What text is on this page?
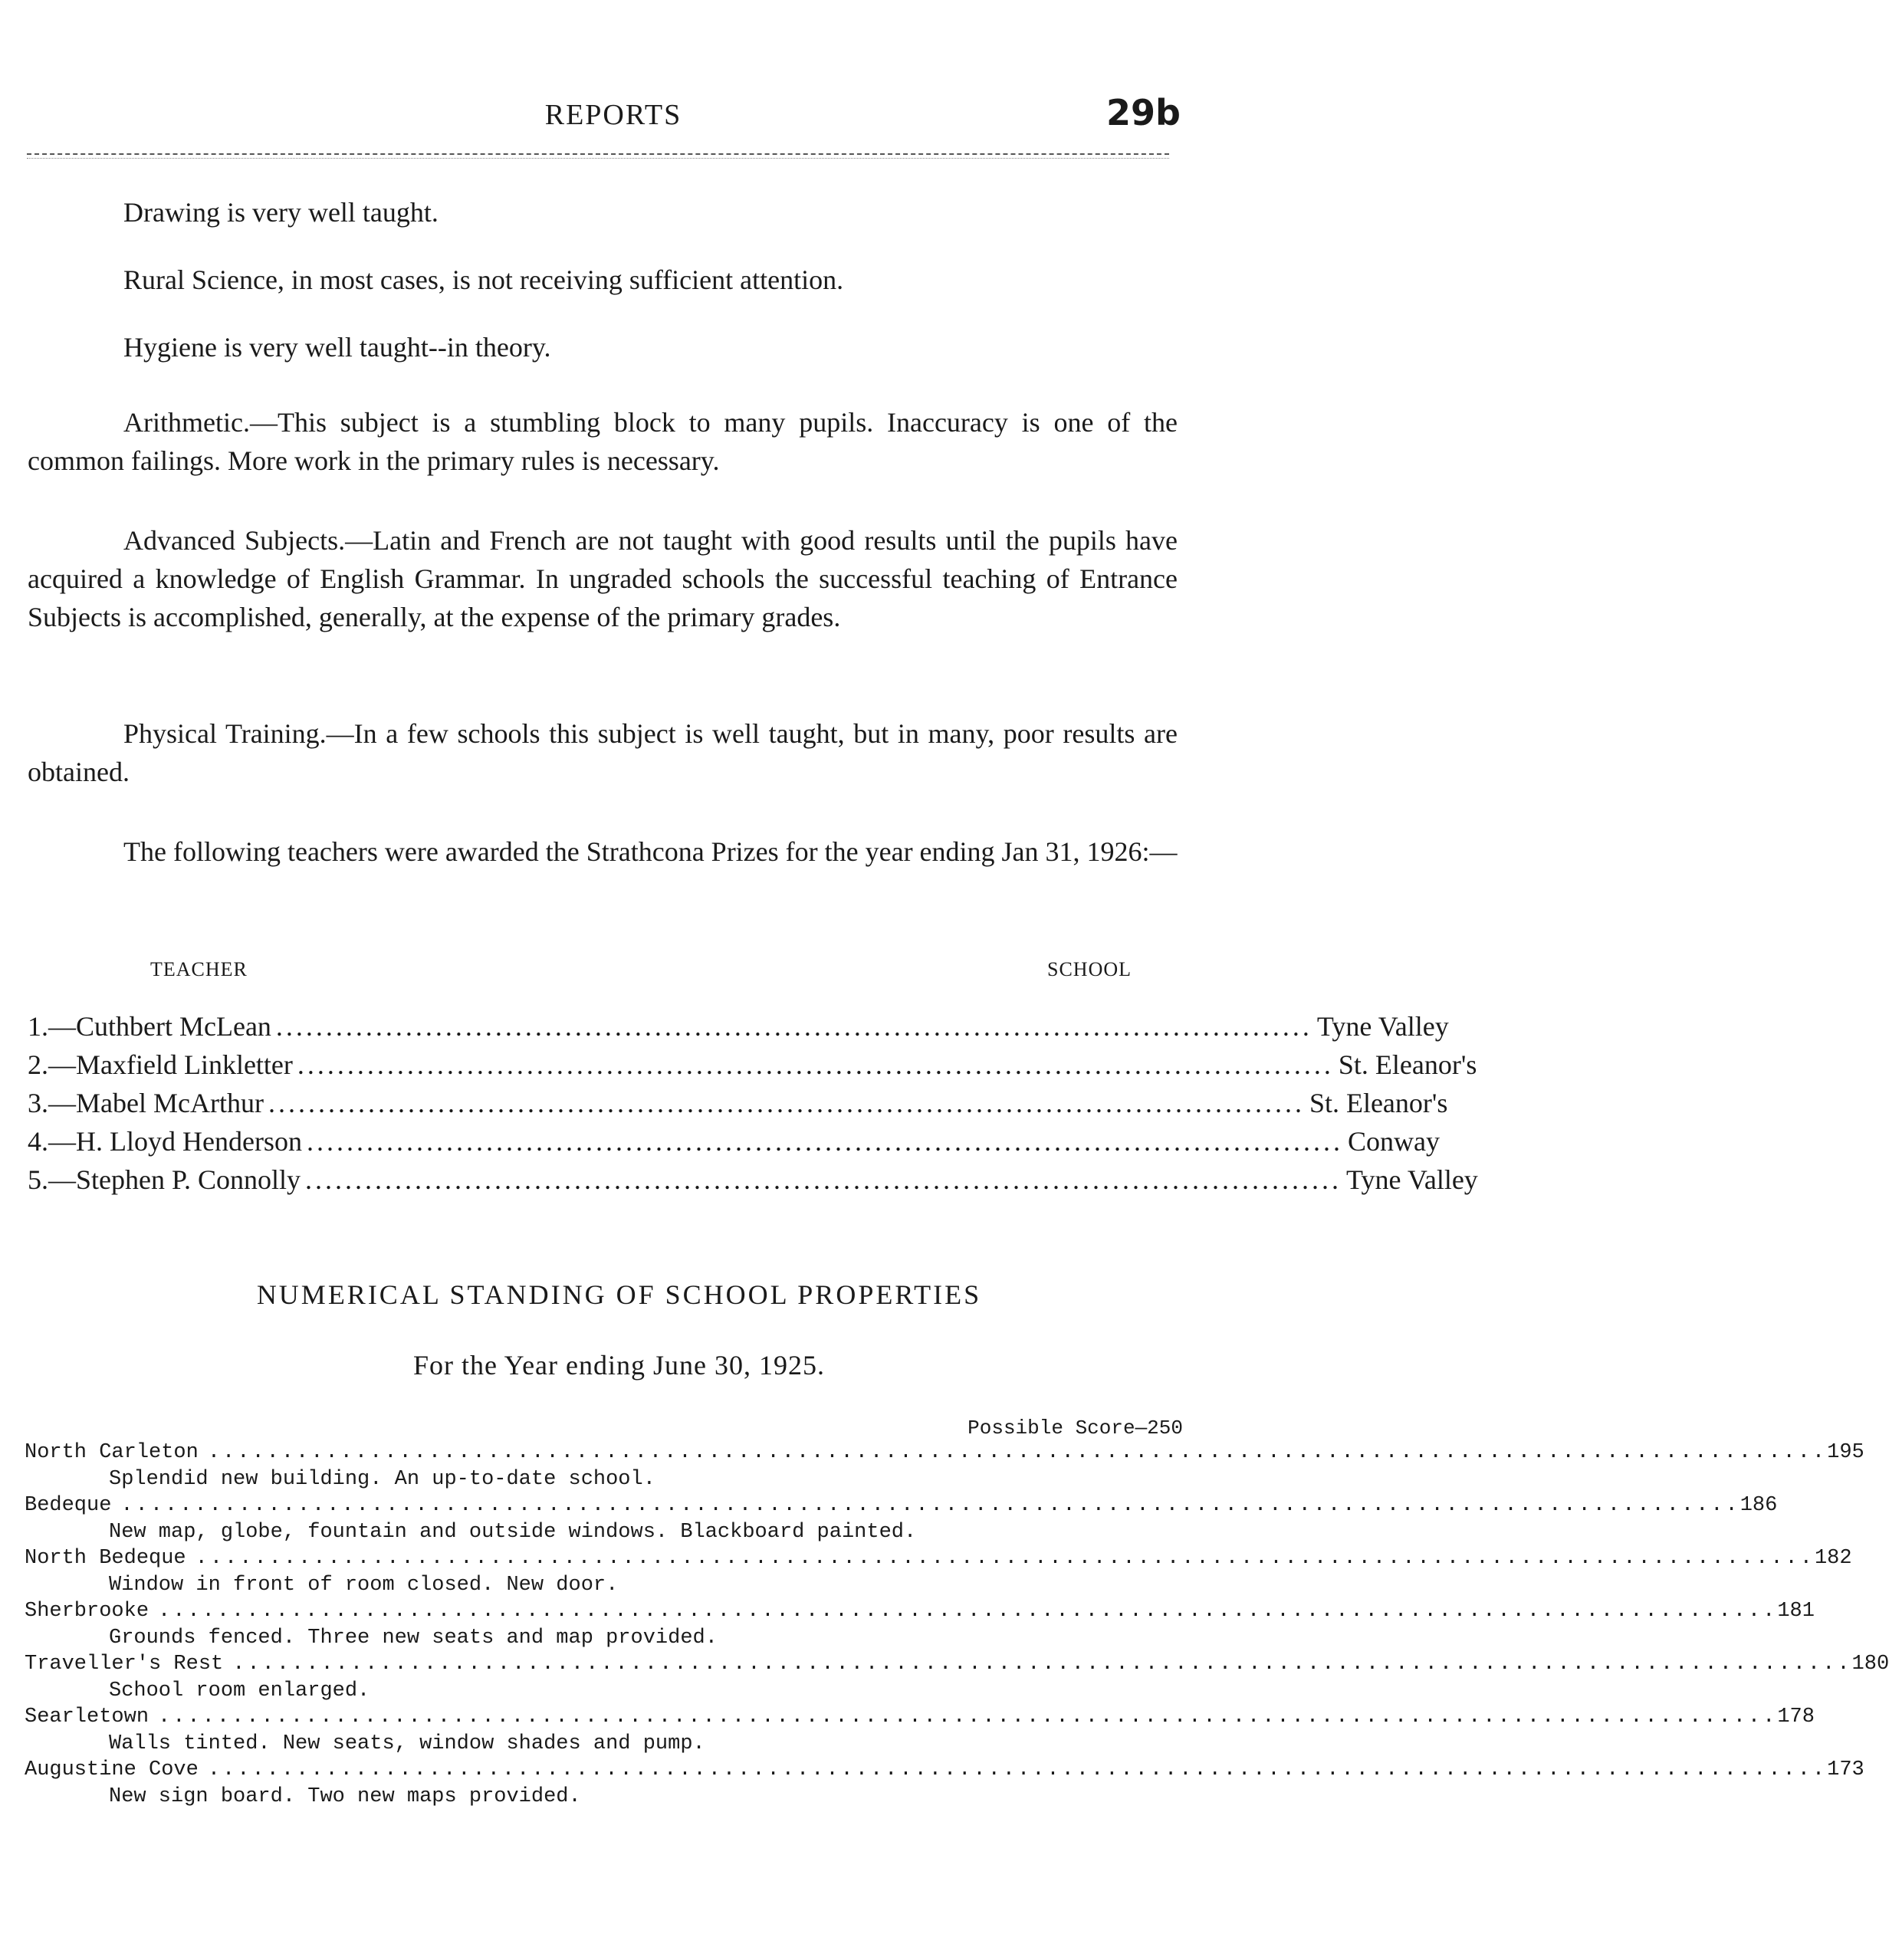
REPORTS	29b
Drawing is very well taught.
Rural Science, in most cases, is not receiving sufficient attention.
Hygiene is very well taught--in theory.
Arithmetic.—This subject is a stumbling block to many pupils. Inaccuracy is one of the common failings. More work in the primary rules is necessary.
Advanced Subjects.—Latin and French are not taught with good results until the pupils have acquired a knowledge of English Grammar. In ungraded schools the successful teaching of Entrance Subjects is accomplished, generally, at the expense of the primary grades.
Physical Training.—In a few schools this subject is well taught, but in many, poor results are obtained.
The following teachers were awarded the Strathcona Prizes for the year ending Jan 31, 1926:—
TEACHER	SCHOOL
1.—Cuthbert McLean ........................................................................................................ Tyne Valley
2.—Maxfield Linkletter ........................................................................................................ St. Eleanor's
3.—Mabel McArthur ........................................................................................................ St. Eleanor's
4.—H. Lloyd Henderson ........................................................................................................ Conway
5.—Stephen P. Connolly ........................................................................................................ Tyne Valley
NUMERICAL STANDING OF SCHOOL PROPERTIES
For the Year ending June 30, 1925.
Possible Score—250
North Carleton .............................................................................................................. 195
Splendid new building. An up-to-date school.
Bedeque .............................................................................................................. 186
New map, globe, fountain and outside windows. Blackboard painted.
North Bedeque .............................................................................................................. 182
Window in front of room closed. New door.
Sherbrooke .............................................................................................................. 181
Grounds fenced. Three new seats and map provided.
Traveller's Rest .............................................................................................................. 180
School room enlarged.
Searletown .............................................................................................................. 178
Walls tinted. New seats, window shades and pump.
Augustine Cove .............................................................................................................. 173
New sign board. Two new maps provided.
